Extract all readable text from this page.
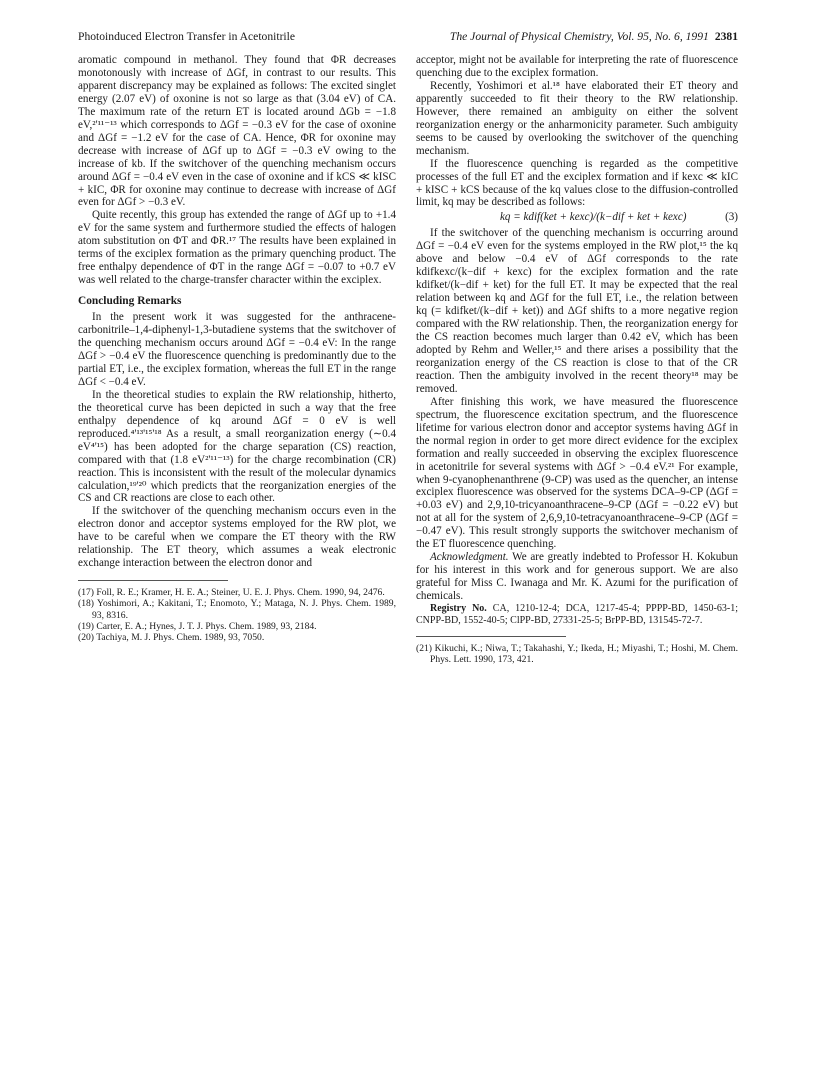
Photoinduced Electron Transfer in Acetonitrile	The Journal of Physical Chemistry, Vol. 95, No. 6, 1991 2381

aromatic compound in methanol. They found that ΦR decreases monotonously with increase of ΔGf, in contrast to our results. This apparent discrepancy may be explained as follows: The excited singlet energy (2.07 eV) of oxonine is not so large as that (3.04 eV) of CA. The maximum rate of the return ET is located around ΔGb = −1.8 eV,²'¹¹⁻¹³ which corresponds to ΔGf = −0.3 eV for the case of oxonine and ΔGf = −1.2 eV for the case of CA. Hence, ΦR for oxonine may decrease with increase of ΔGf up to ΔGf = −0.3 eV owing to the increase of kb. If the switchover of the quenching mechanism occurs around ΔGf = −0.4 eV even in the case of oxonine and if kCS ≪ kISC + kIC, ΦR for oxonine may continue to decrease with increase of ΔGf even for ΔGf > −0.3 eV.

Quite recently, this group has extended the range of ΔGf up to +1.4 eV for the same system and furthermore studied the effects of halogen atom substitution on ΦT and ΦR.¹⁷ The results have been explained in terms of the exciplex formation as the primary quenching product. The free enthalpy dependence of ΦT in the range ΔGf = −0.07 to +0.7 eV was well related to the charge-transfer character within the exciplex.

Concluding Remarks

In the present work it was suggested for the anthracene-carbonitrile–1,4-diphenyl-1,3-butadiene systems that the switchover of the quenching mechanism occurs around ΔGf = −0.4 eV: In the range ΔGf > −0.4 eV the fluorescence quenching is predominantly due to the partial ET, i.e., the exciplex formation, whereas the full ET in the range ΔGf < −0.4 eV.

In the theoretical studies to explain the RW relationship, hitherto, the theoretical curve has been depicted in such a way that the free enthalpy dependence of kq around ΔGf = 0 eV is well reproduced.⁴'¹³'¹⁵'¹⁸ As a result, a small reorganization energy (∼0.4 eV⁴'¹⁵) has been adopted for the charge separation (CS) reaction, compared with that (1.8 eV²'¹¹⁻¹³) for the charge recombination (CR) reaction. This is inconsistent with the result of the molecular dynamics calculation,¹⁹'²⁰ which predicts that the reorganization energies of the CS and CR reactions are close to each other.

If the switchover of the quenching mechanism occurs even in the electron donor and acceptor systems employed for the RW plot, we have to be careful when we compare the ET theory with the RW relationship. The ET theory, which assumes a weak electronic exchange interaction between the electron donor and

(17) Foll, R. E.; Kramer, H. E. A.; Steiner, U. E. J. Phys. Chem. 1990, 94, 2476.
(18) Yoshimori, A.; Kakitani, T.; Enomoto, Y.; Mataga, N. J. Phys. Chem. 1989, 93, 8316.
(19) Carter, E. A.; Hynes, J. T. J. Phys. Chem. 1989, 93, 2184.
(20) Tachiya, M. J. Phys. Chem. 1989, 93, 7050.

acceptor, might not be available for interpreting the rate of fluorescence quenching due to the exciplex formation.

Recently, Yoshimori et al.¹⁸ have elaborated their ET theory and apparently succeeded to fit their theory to the RW relationship. However, there remained an ambiguity on either the solvent reorganization energy or the anharmonicity parameter. Such ambiguity seems to be caused by overlooking the switchover of the quenching mechanism.

If the fluorescence quenching is regarded as the competitive processes of the full ET and the exciplex formation and if kexc ≪ kIC + kISC + kCS because of the kq values close to the diffusion-controlled limit, kq may be described as follows:

kq = kdif(ket + kexc)/(k−dif + ket + kexc)	(3)

If the switchover of the quenching mechanism is occurring around ΔGf = −0.4 eV even for the systems employed in the RW plot,¹⁵ the kq above and below −0.4 eV of ΔGf corresponds to the rate kdifkexc/(k−dif + kexc) for the exciplex formation and the rate kdifket/(k−dif + ket) for the full ET. It may be expected that the real relation between kq and ΔGf for the full ET, i.e., the relation between kq (= kdifket/(k−dif + ket)) and ΔGf shifts to a more negative region compared with the RW relationship. Then, the reorganization energy for the CS reaction becomes much larger than 0.42 eV, which has been adopted by Rehm and Weller,¹⁵ and there arises a possibility that the reorganization energy of the CS reaction is close to that of the CR reaction. Then the ambiguity involved in the recent theory¹⁸ may be removed.

After finishing this work, we have measured the fluorescence spectrum, the fluorescence excitation spectrum, and the fluorescence lifetime for various electron donor and acceptor systems having ΔGf in the normal region in order to get more direct evidence for the exciplex formation and really succeeded in observing the exciplex fluorescence in acetonitrile for several systems with ΔGf > −0.4 eV.²¹ For example, when 9-cyanophenanthrene (9-CP) was used as the quencher, an intense exciplex fluorescence was observed for the systems DCA–9-CP (ΔGf = +0.03 eV) and 2,9,10-tricyanoanthracene–9-CP (ΔGf = −0.22 eV) but not at all for the system of 2,6,9,10-tetracyanoanthracene–9-CP (ΔGf = −0.47 eV). This result strongly supports the switchover mechanism of the ET fluorescence quenching.

Acknowledgment. We are greatly indebted to Professor H. Kokubun for his interest in this work and for generous support. We are also grateful for Miss C. Iwanaga and Mr. K. Azumi for the purification of chemicals.

Registry No. CA, 1210-12-4; DCA, 1217-45-4; PPPP-BD, 1450-63-1; CNPP-BD, 1552-40-5; ClPP-BD, 27331-25-5; BrPP-BD, 131545-72-7.

(21) Kikuchi, K.; Niwa, T.; Takahashi, Y.; Ikeda, H.; Miyashi, T.; Hoshi, M. Chem. Phys. Lett. 1990, 173, 421.
